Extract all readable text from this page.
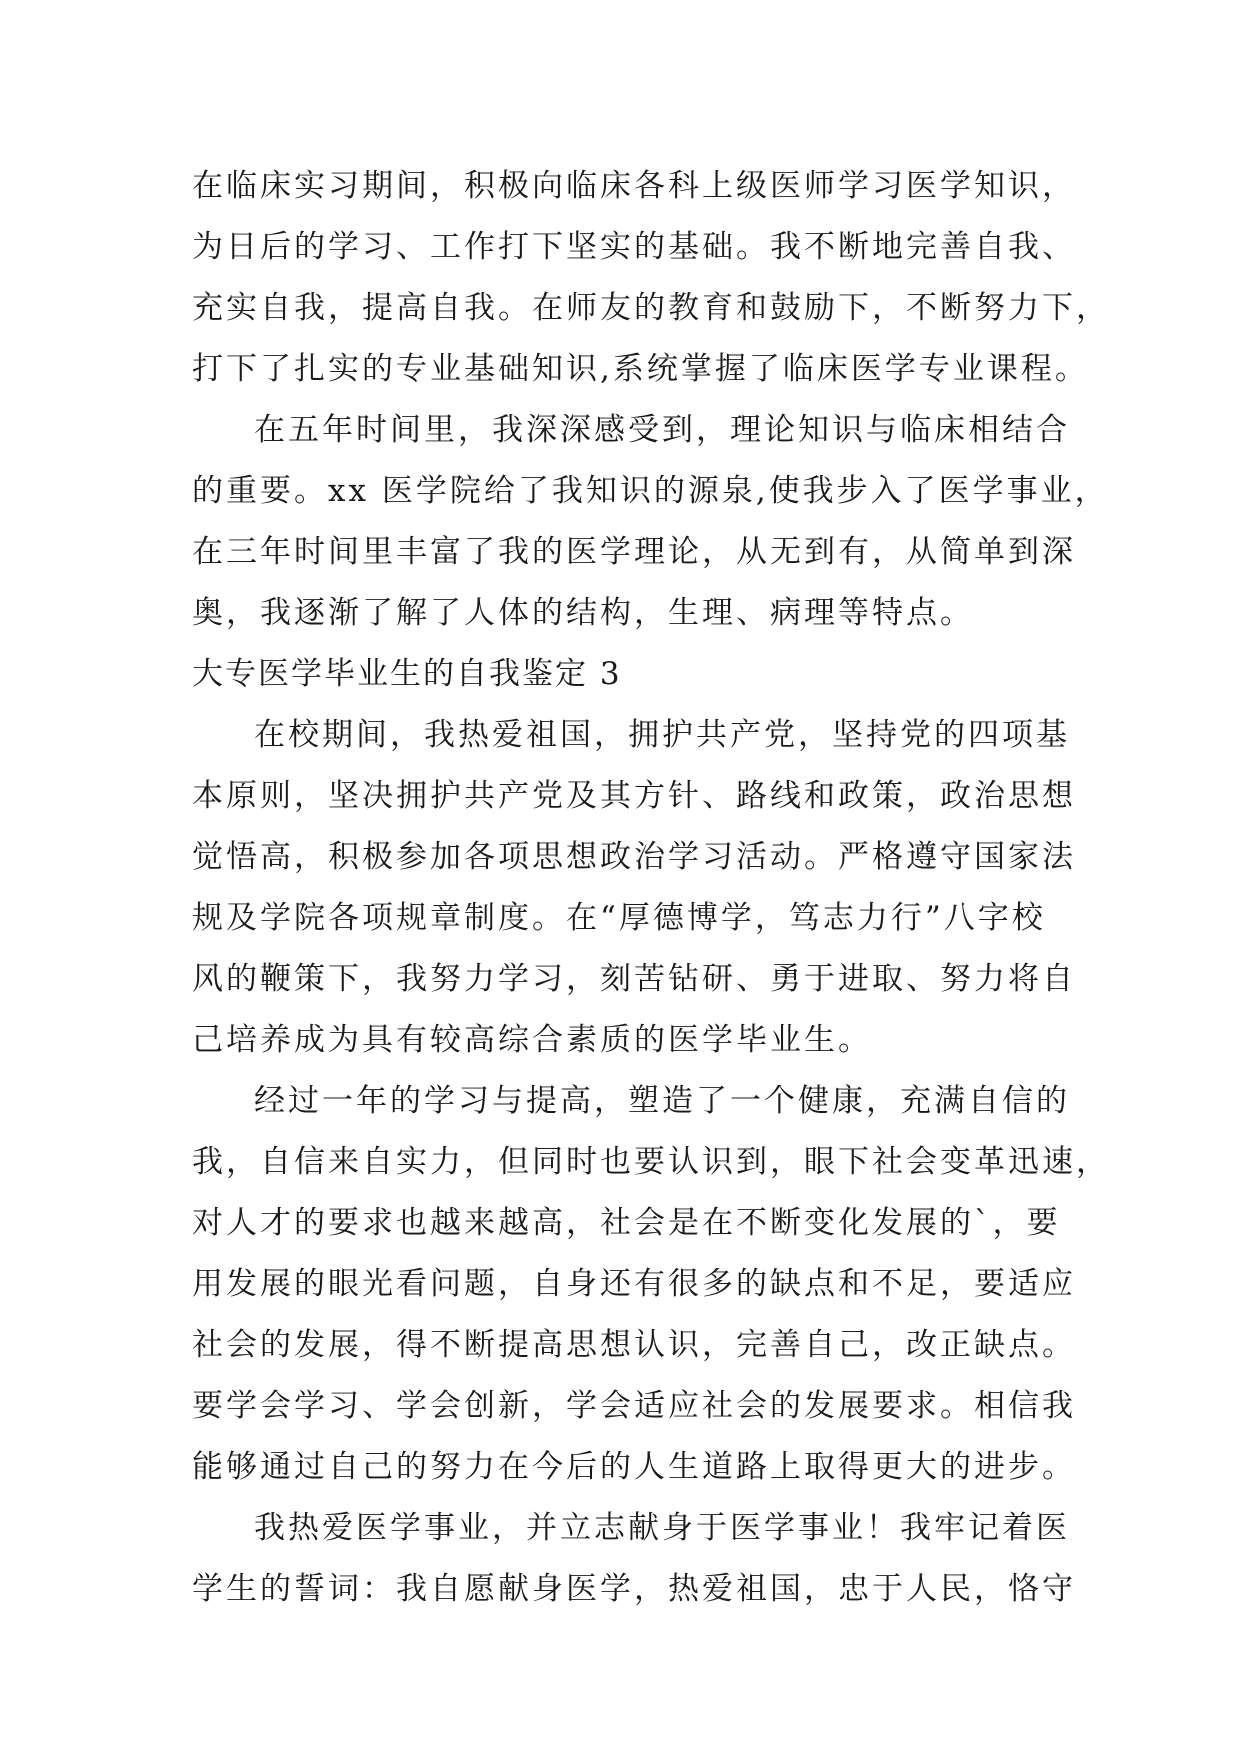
在临床实习期间，积极向临床各科上级医师学习医学知识，
为日后的学习、工作打下坚实的基础。我不断地完善自我、
充实自我，提高自我。在师友的教育和鼓励下，不断努力下，
打下了扎实的专业基础知识,系统掌握了临床医学专业课程。
在五年时间里，我深深感受到，理论知识与临床相结合
的重要。xx 医学院给了我知识的源泉,使我步入了医学事业，
在三年时间里丰富了我的医学理论，从无到有，从简单到深
奥，我逐渐了解了人体的结构，生理、病理等特点。
大专医学毕业生的自我鉴定 3
在校期间，我热爱祖国，拥护共产党，坚持党的四项基
本原则，坚决拥护共产党及其方针、路线和政策，政治思想
觉悟高，积极参加各项思想政治学习活动。严格遵守国家法
规及学院各项规章制度。在“厚德博学，笃志力行”八字校
风的鞭策下，我努力学习，刻苦钻研、勇于进取、努力将自
己培养成为具有较高综合素质的医学毕业生。
经过一年的学习与提高，塑造了一个健康，充满自信的
我，自信来自实力，但同时也要认识到，眼下社会变革迅速，
对人才的要求也越来越高，社会是在不断变化发展的`，要
用发展的眼光看问题，自身还有很多的缺点和不足，要适应
社会的发展，得不断提高思想认识，完善自己，改正缺点。
要学会学习、学会创新，学会适应社会的发展要求。相信我
能够通过自己的努力在今后的人生道路上取得更大的进步。
我热爱医学事业，并立志献身于医学事业！我牢记着医
学生的誓词：我自愿献身医学，热爱祖国，忠于人民，恪守
